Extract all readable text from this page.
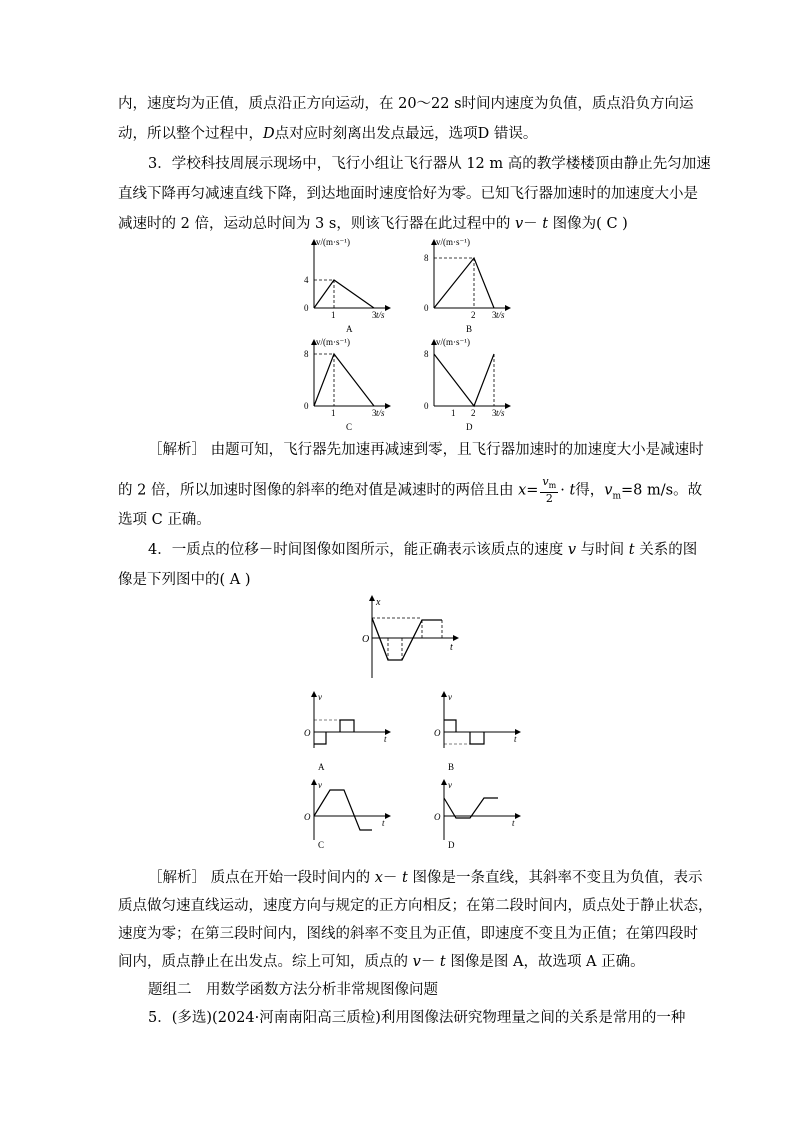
内，速度均为正值，质点沿正方向运动，在 20～22 s时间内速度为负值，质点沿负方向运
动，所以整个过程中，D点对应时刻离出发点最远，选项D 错误。
3．学校科技周展示现场中，飞行小组让飞行器从 12 m 高的教学楼楼顶由静止先匀加速
直线下降再匀减速直线下降，到达地面时速度恰好为零。已知飞行器加速时的加速度大小是
减速时的 2 倍，运动总时间为 3 s，则该飞行器在此过程中的 v－ t 图像为( C )
v/(m·s⁻¹)
t/s
0
4
1	3
A
v/(m·s⁻¹)
t/s
0
8
2 3
B
v/(m·s⁻¹)
t/s
0
8
1	3
C
v/(m·s⁻¹)
t/s
0
8
1 2 3
D
［解析］ 由题可知，飞行器先加速再减速到零，且飞行器加速时的加速度大小是减速时
的 2 倍，所以加速时图像的斜率的绝对值是减速时的两倍且由 $x= \frac{v_m}{2} \cdot t$得，$v_m=8$ m/s。故
选项 C 正确。
4．一质点的位移－时间图像如图所示，能正确表示该质点的速度 v 与时间 t 关系的图
像是下列图中的( A )
x
t
O
v
t
O
A
v
t
O
B
v
t
O
C
v
t
O
D
［解析］ 质点在开始一段时间内的 x－ t 图像是一条直线，其斜率不变且为负值，表示
质点做匀速直线运动，速度方向与规定的正方向相反；在第二段时间内，质点处于静止状态，
速度为零；在第三段时间内，图线的斜率不变且为正值，即速度不变且为正值；在第四段时
间内，质点静止在出发点。综上可知，质点的 v－ t 图像是图 A，故选项 A 正确。
题组二　用数学函数方法分析非常规图像问题
5．(多选)(2024·河南南阳高三质检)利用图像法研究物理量之间的关系是常用的一种
